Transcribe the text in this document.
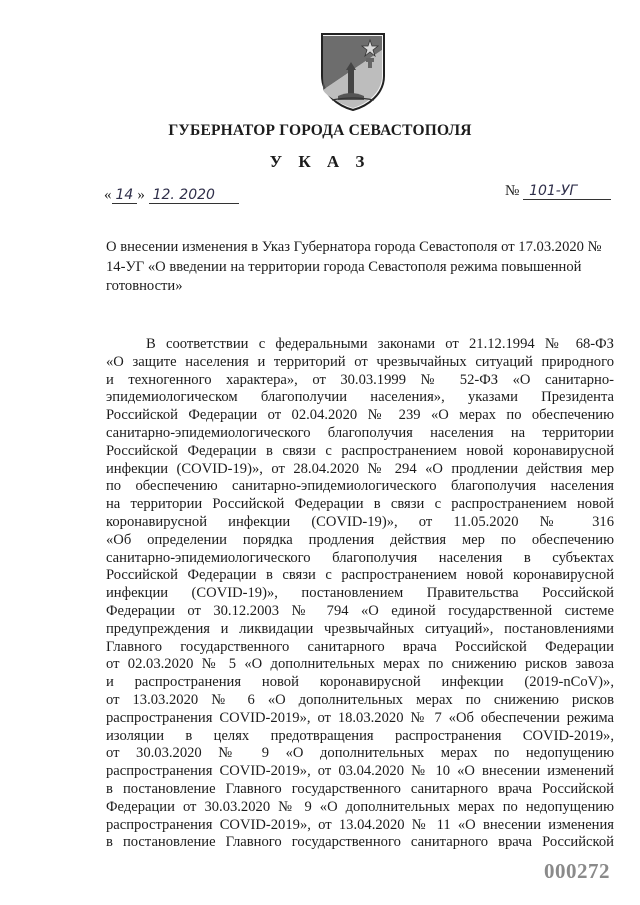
ГУБЕРНАТОР ГОРОДА СЕВАСТОПОЛЯ
У К А З
« 14 » 12. 2020	№ 101-УГ
О внесении изменения в Указ Губернатора города Севастополя от 17.03.2020 № 14-УГ «О введении на территории города Севастополя режима повышенной готовности»
В соответствии с федеральными законами от 21.12.1994 № 68-ФЗ
«О защите населения и территорий от чрезвычайных ситуаций природного
и техногенного характера», от 30.03.1999 № 52-ФЗ «О санитарно-
эпидемиологическом благополучии населения», указами Президента
Российской Федерации от 02.04.2020 № 239 «О мерах по обеспечению
санитарно-эпидемиологического благополучия населения на территории
Российской Федерации в связи с распространением новой коронавирусной
инфекции (COVID-19)», от 28.04.2020 № 294 «О продлении действия мер
по обеспечению санитарно-эпидемиологического благополучия населения
на территории Российской Федерации в связи с распространением новой
коронавирусной инфекции (COVID-19)», от 11.05.2020 № 316
«Об определении порядка продления действия мер по обеспечению
санитарно-эпидемиологического благополучия населения в субъектах
Российской Федерации в связи с распространением новой коронавирусной
инфекции (COVID-19)», постановлением Правительства Российской
Федерации от 30.12.2003 № 794 «О единой государственной системе
предупреждения и ликвидации чрезвычайных ситуаций», постановлениями
Главного государственного санитарного врача Российской Федерации
от 02.03.2020 № 5 «О дополнительных мерах по снижению рисков завоза
и распространения новой коронавирусной инфекции (2019-nCoV)»,
от 13.03.2020 № 6 «О дополнительных мерах по снижению рисков
распространения COVID-2019», от 18.03.2020 № 7 «Об обеспечении режима
изоляции в целях предотвращения распространения COVID-2019»,
от 30.03.2020 № 9 «О дополнительных мерах по недопущению
распространения COVID-2019», от 03.04.2020 № 10 «О внесении изменений
в постановление Главного государственного санитарного врача Российской
Федерации от 30.03.2020 № 9 «О дополнительных мерах по недопущению
распространения COVID-2019», от 13.04.2020 № 11 «О внесении изменения
в постановление Главного государственного санитарного врача Российской
000272
